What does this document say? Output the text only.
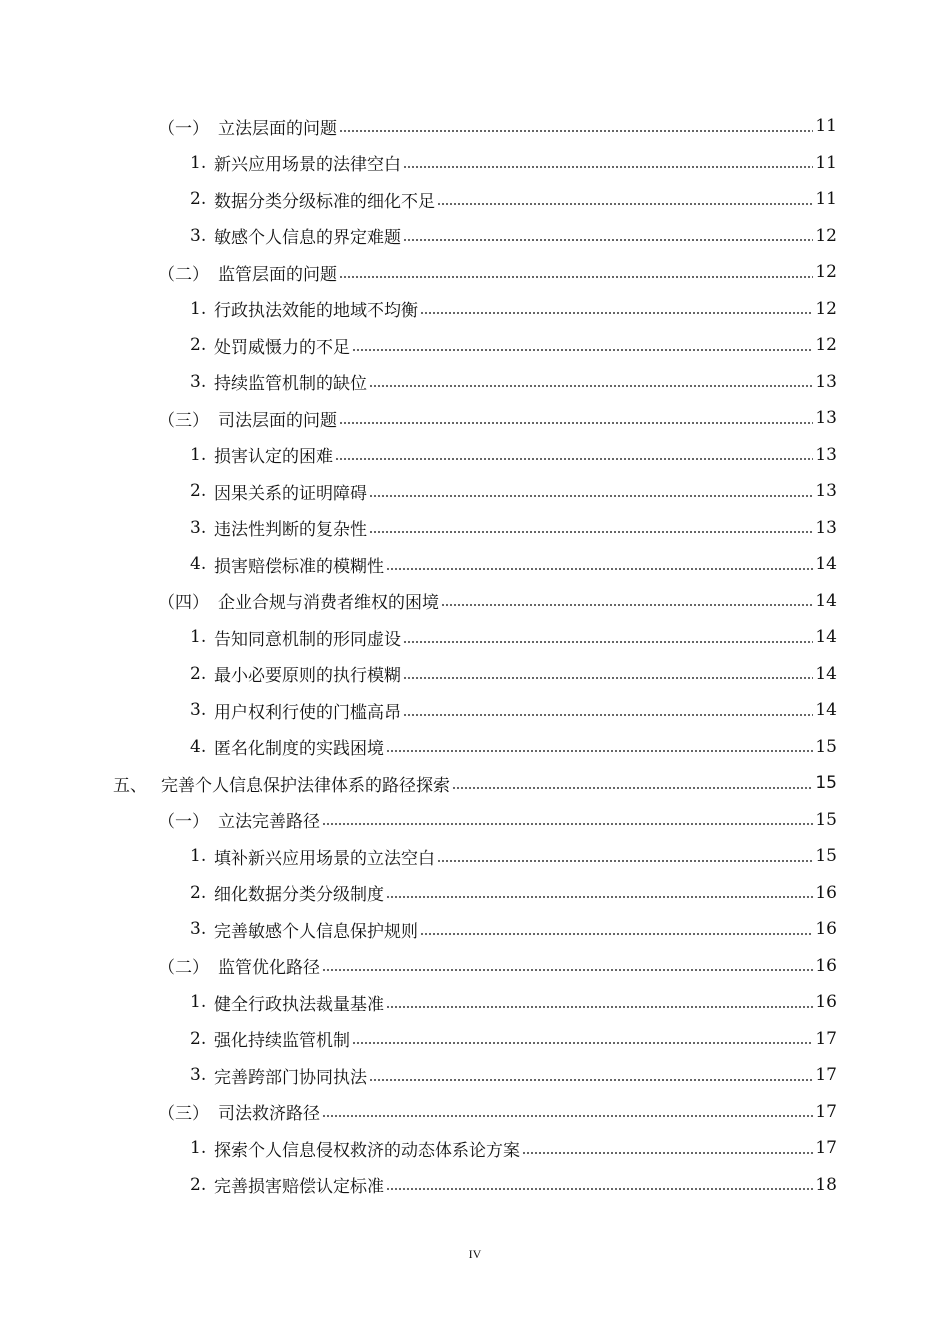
（一） 立法层面的问题	11
1. 新兴应用场景的法律空白	11
2. 数据分类分级标准的细化不足	11
3. 敏感个人信息的界定难题	12
（二） 监管层面的问题	12
1. 行政执法效能的地域不均衡	12
2. 处罚威慑力的不足	12
3. 持续监管机制的缺位	13
（三） 司法层面的问题	13
1. 损害认定的困难	13
2. 因果关系的证明障碍	13
3. 违法性判断的复杂性	13
4. 损害赔偿标准的模糊性	14
（四） 企业合规与消费者维权的困境	14
1. 告知同意机制的形同虚设	14
2. 最小必要原则的执行模糊	14
3. 用户权利行使的门槛高昂	14
4. 匿名化制度的实践困境	15
五、 完善个人信息保护法律体系的路径探索	15
（一） 立法完善路径	15
1. 填补新兴应用场景的立法空白	15
2. 细化数据分类分级制度	16
3. 完善敏感个人信息保护规则	16
（二） 监管优化路径	16
1. 健全行政执法裁量基准	16
2. 强化持续监管机制	17
3. 完善跨部门协同执法	17
（三） 司法救济路径	17
1. 探索个人信息侵权救济的动态体系论方案	17
2. 完善损害赔偿认定标准	18
IV
